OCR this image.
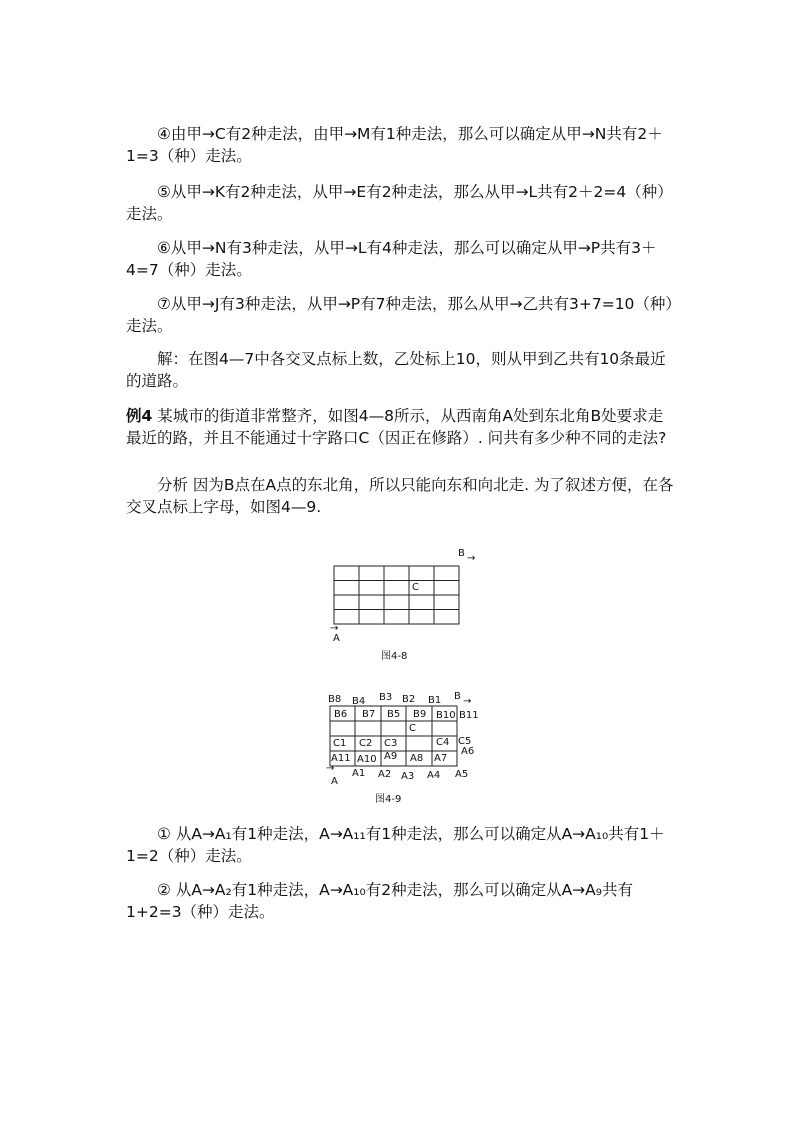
④由甲→C有2种走法，由甲→M有1种走法，那么可以确定从甲→N共有2＋1=3（种）走法。
⑤从甲→K有2种走法，从甲→E有2种走法，那么从甲→L共有2＋2=4（种）走法。
⑥从甲→N有3种走法，从甲→L有4种走法，那么可以确定从甲→P共有3＋4=7（种）走法。
⑦从甲→J有3种走法，从甲→P有7种走法，那么从甲→乙共有3+7=10（种）走法。
解：在图4—7中各交叉点标上数，乙处标上10，则从甲到乙共有10条最近的道路。
例4 某城市的街道非常整齐，如图4—8所示，从西南角A处到东北角B处要求走最近的路，并且不能通过十字路口C（因正在修路）. 问共有多少种不同的走法?
分析 因为B点在A点的东北角，所以只能向东和向北走. 为了叙述方便，在各交叉点标上字母，如图4—9.
B →
C
→
A
图4-8
B8 B4 B3 B2 B1 B →
B6 B7 B5 B9 B10 B11
C
C1 C2 C3	C4 C5
A6
A11 A10 A9 A8 A7
A1 A2 A3 A4 A5
→
A
图4-9
① 从A→A₁有1种走法，A→A₁₁有1种走法，那么可以确定从A→A₁₀共有1＋1=2（种）走法。
② 从A→A₂有1种走法，A→A₁₀有2种走法，那么可以确定从A→A₉共有1+2=3（种）走法。
